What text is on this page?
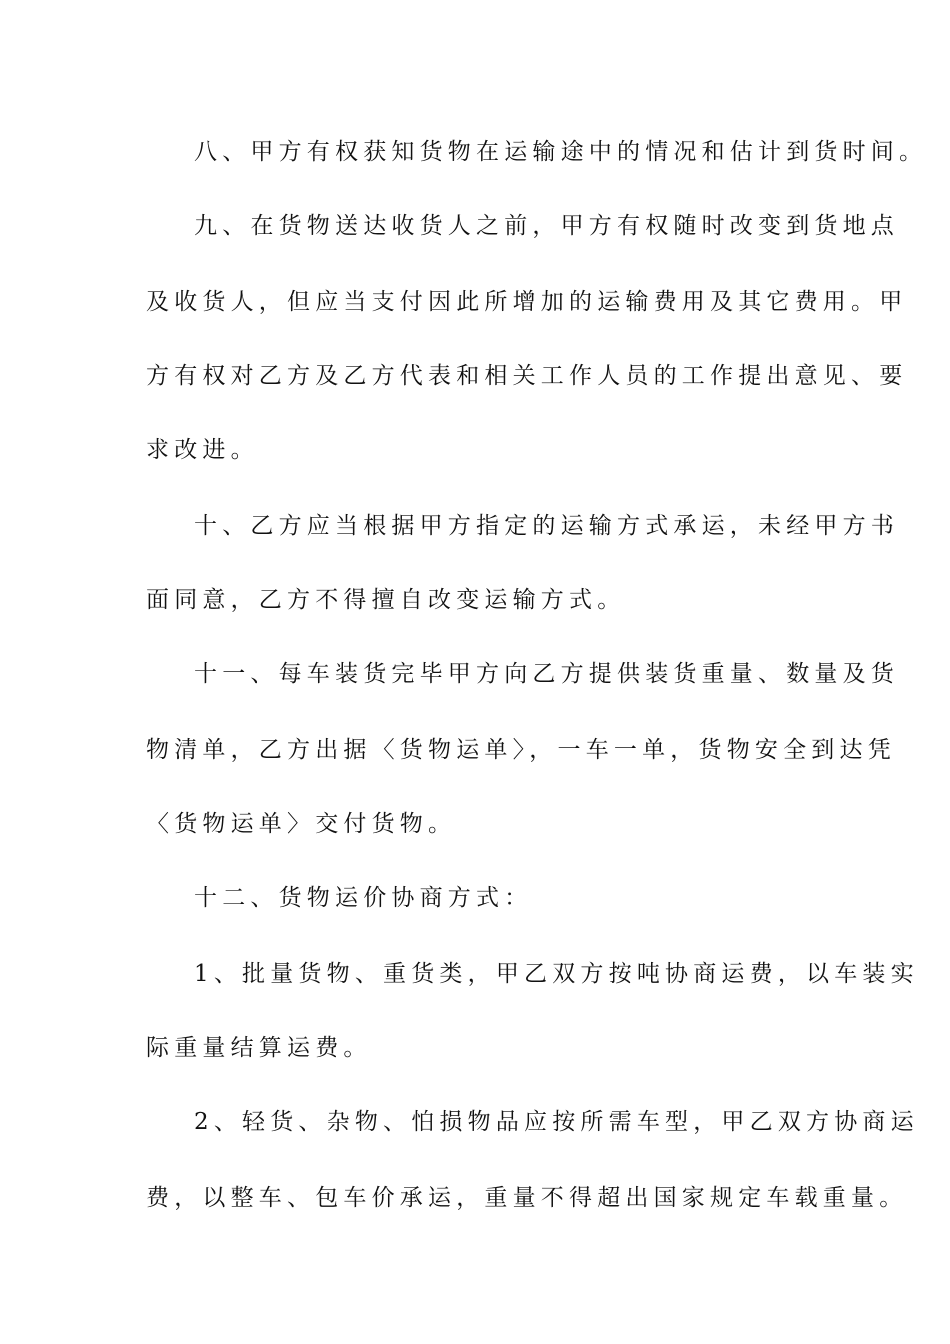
八、甲方有权获知货物在运输途中的情况和估计到货时间。
九、在货物送达收货人之前，甲方有权随时改变到货地点
及收货人，但应当支付因此所增加的运输费用及其它费用。甲
方有权对乙方及乙方代表和相关工作人员的工作提出意见、要
求改进。
十、乙方应当根据甲方指定的运输方式承运，未经甲方书
面同意，乙方不得擅自改变运输方式。
十一、每车装货完毕甲方向乙方提供装货重量、数量及货
物清单，乙方出据〈货物运单〉，一车一单，货物安全到达凭
〈货物运单〉交付货物。
十二、货物运价协商方式：
1、批量货物、重货类，甲乙双方按吨协商运费，以车装实
际重量结算运费。
2、轻货、杂物、怕损物品应按所需车型，甲乙双方协商运
费，以整车、包车价承运，重量不得超出国家规定车载重量。
